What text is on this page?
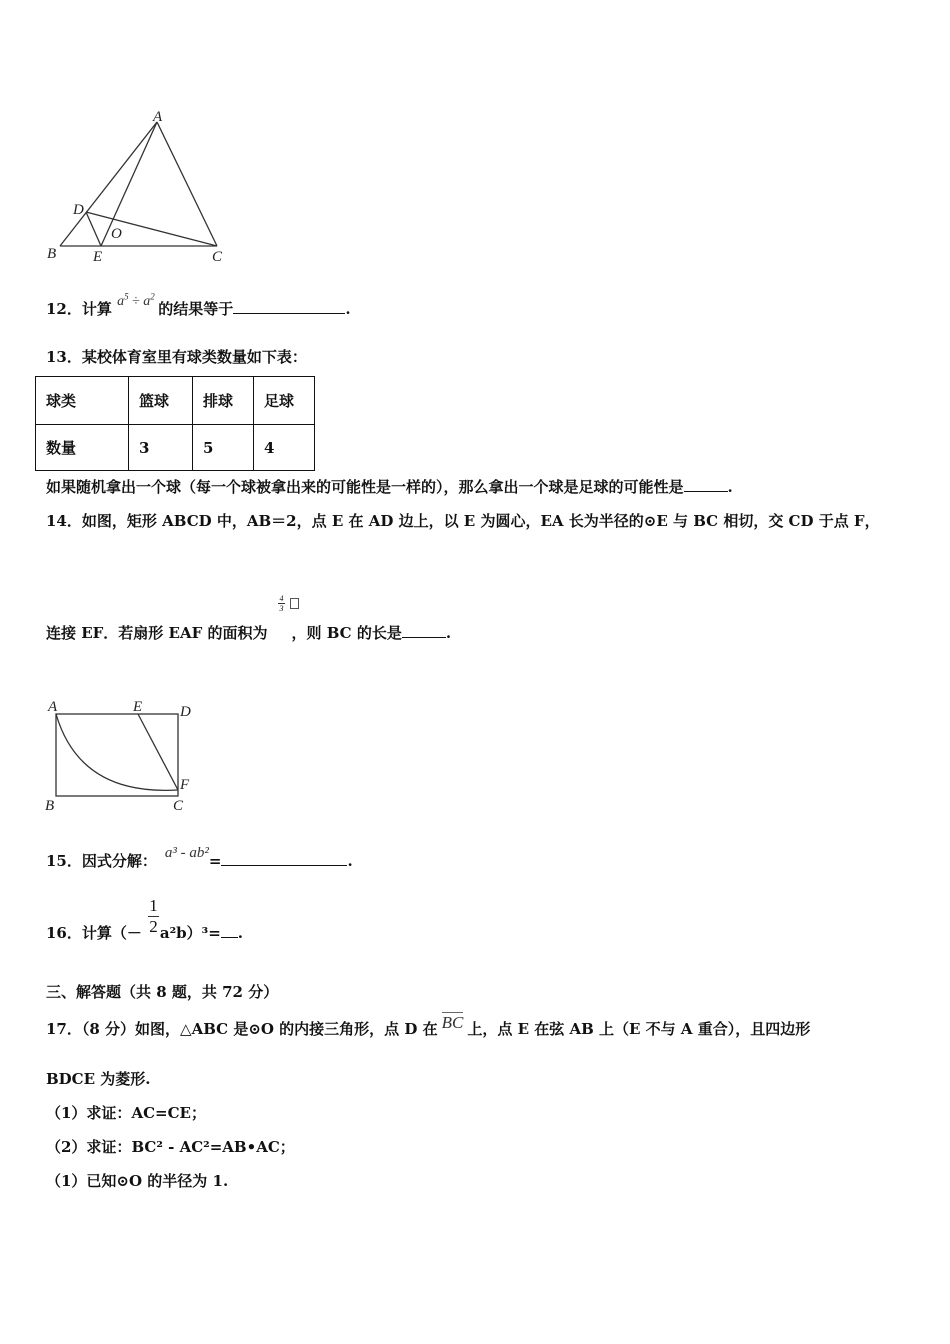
A
D
O
B E	C
12．计算 $a^5 \div a^2$ 的结果等于	.
13．某校体育室里有球类数量如下表：
球类	篮球	排球	足球
数量	3	5	4
如果随机拿出一个球（每一个球被拿出来的可能性是一样的），那么拿出一个球是足球的可能性是	.
14．如图，矩形 ABCD 中，AB＝2，点 E 在 AD 边上，以 E 为圆心，EA 长为半径的⊙E 与 BC 相切，交 CD 于点 F，
4
3
连接 EF．若扇形 EAF 的面积为 ，则 BC 的长是	.
A	E	D
B	C
F
15．因式分解： a³ - ab²=	.
1
2
16．计算（－ a²b）³= .
三、解答题（共 8 题，共 72 分）
17．（8 分）如图，△ABC 是⊙O 的内接三角形，点 D 在 BC 上，点 E 在弦 AB 上（E 不与 A 重合），且四边形
BDCE 为菱形.
（1）求证：AC=CE；
（2）求证：BC² - AC²=AB•AC；
（1）已知⊙O 的半径为 1.
